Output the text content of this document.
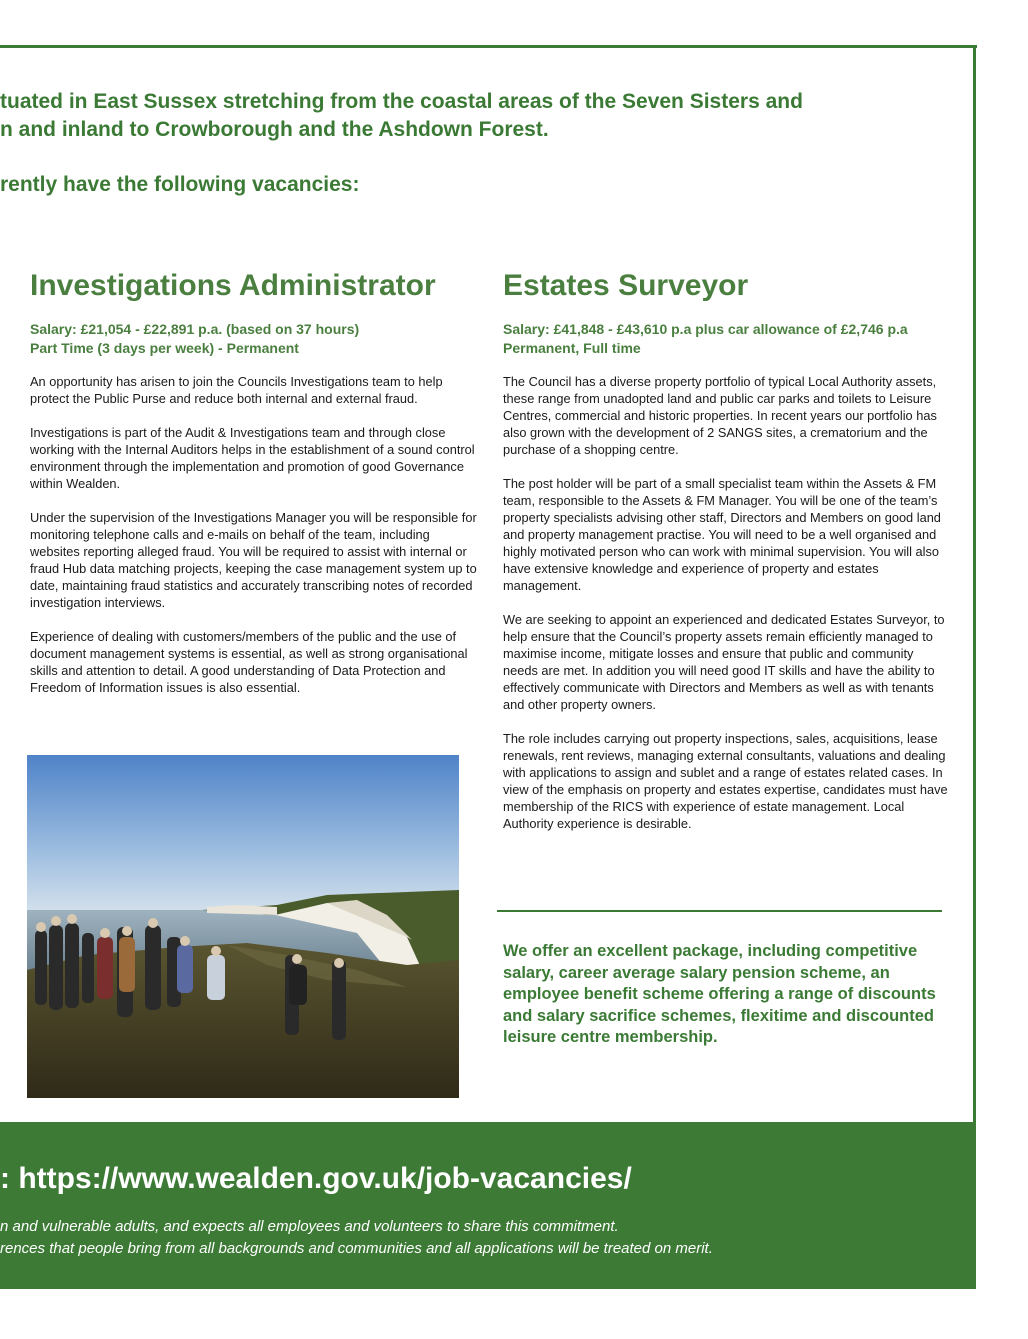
tuated in East Sussex stretching from the coastal areas of the Seven Sisters and

n and inland to Crowborough and the Ashdown Forest.

rently have the following vacancies:

Investigations Administrator
Salary: £21,054 - £22,891 p.a. (based on 37 hours)
Part Time (3 days per week) - Permanent

An opportunity has arisen to join the Councils Investigations team to help protect the Public Purse and reduce both internal and external fraud.

Investigations is part of the Audit & Investigations team and through close working with the Internal Auditors helps in the establishment of a sound control environment through the implementation and promotion of good Governance within Wealden.

Under the supervision of the Investigations Manager you will be responsible for monitoring telephone calls and e-mails on behalf of the team, including websites reporting alleged fraud. You will be required to assist with internal or fraud Hub data matching projects, keeping the case management system up to date, maintaining fraud statistics and accurately transcribing notes of recorded investigation interviews.

Experience of dealing with customers/members of the public and the use of document management systems is essential, as well as strong organisational skills and attention to detail. A good understanding of Data Protection and Freedom of Information issues is also essential.

Estates Surveyor
Salary: £41,848 - £43,610 p.a plus car allowance of £2,746 p.a
Permanent, Full time

The Council has a diverse property portfolio of typical Local Authority assets, these range from unadopted land and public car parks and toilets to Leisure Centres, commercial and historic properties. In recent years our portfolio has also grown with the development of 2 SANGS sites, a crematorium and the purchase of a shopping centre.

The post holder will be part of a small specialist team within the Assets & FM team, responsible to the Assets & FM Manager. You will be one of the team’s property specialists advising other staff, Directors and Members on good land and property management practise. You will need to be a well organised and highly motivated person who can work with minimal supervision. You will also have extensive knowledge and experience of property and estates management.

We are seeking to appoint an experienced and dedicated Estates Surveyor, to help ensure that the Council’s property assets remain efficiently managed to maximise income, mitigate losses and ensure that public and community needs are met. In addition you will need good IT skills and have the ability to effectively communicate with Directors and Members as well as with tenants and other property owners.

The role includes carrying out property inspections, sales, acquisitions, lease renewals, rent reviews, managing external consultants, valuations and dealing with applications to assign and sublet and a range of estates related cases. In view of the emphasis on property and estates expertise, candidates must have membership of the RICS with experience of estate management. Local Authority experience is desirable.

We offer an excellent package, including competitive salary, career average salary pension scheme, an employee benefit scheme offering a range of discounts and salary sacrifice schemes, flexitime and discounted leisure centre membership.
: https://www.wealden.gov.uk/job-vacancies/
n and vulnerable adults, and expects all employees and volunteers to share this commitment.
rences that people bring from all backgrounds and communities and all applications will be treated on merit.
